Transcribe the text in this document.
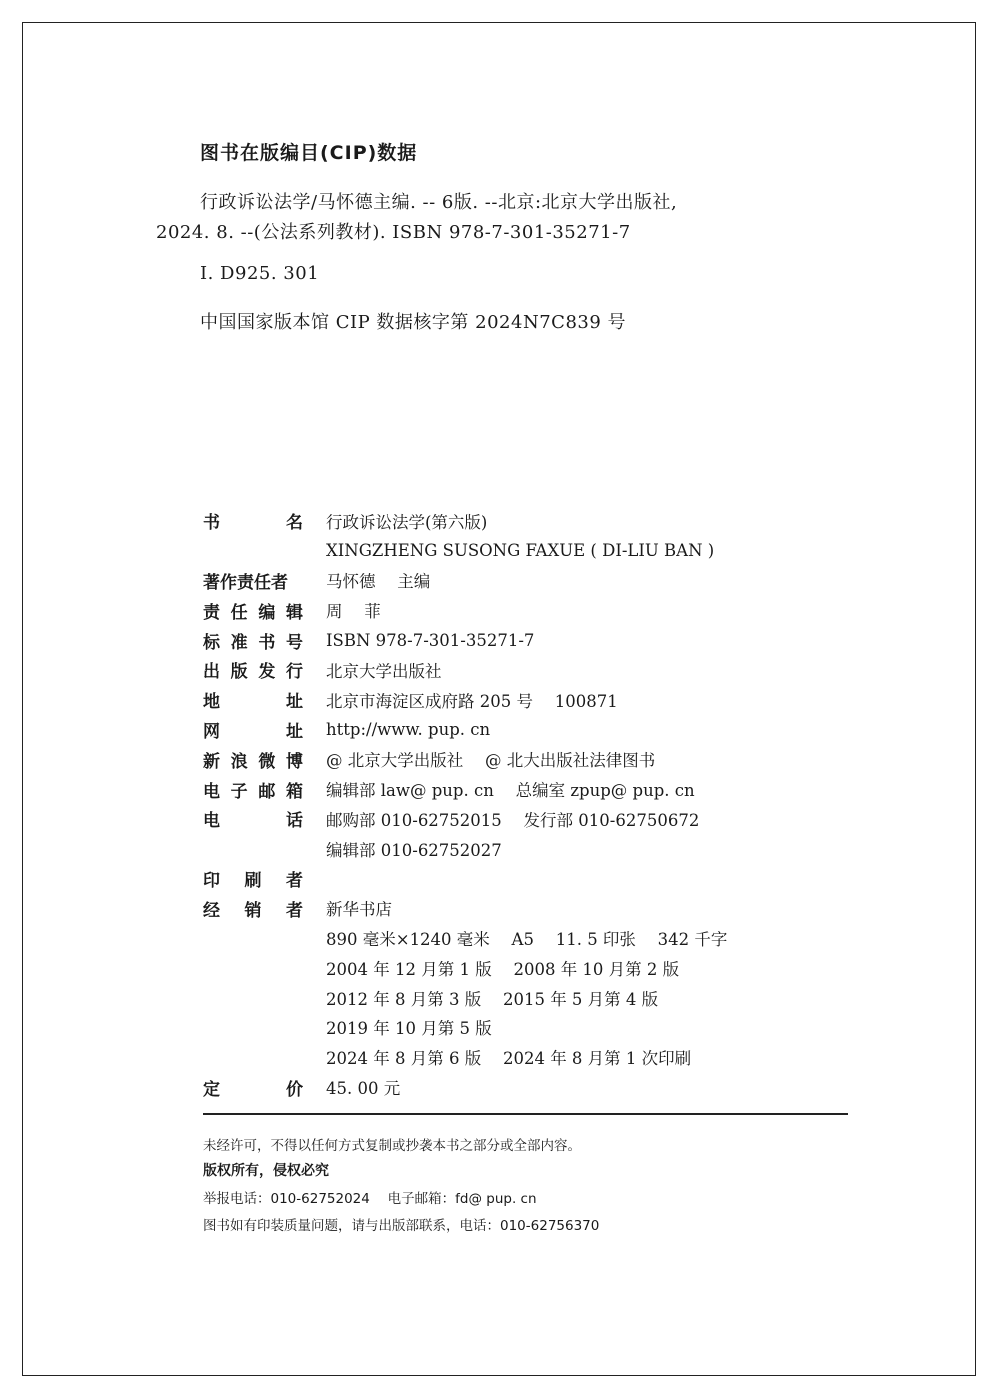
图书在版编目(CIP)数据
行政诉讼法学/马怀德主编. -- 6版. --北京:北京大学出版社,
2024. 8. --(公法系列教材). ISBN 978-7-301-35271-7
I. D925. 301
中国国家版本馆 CIP 数据核字第 2024N7C839 号
书	名 行政诉讼法学(第六版)
XINGZHENG SUSONG FAXUE ( DI-LIU BAN )
著作责任者 马怀德　 主编
责 任 编 辑 周　 菲
标 准 书 号 ISBN 978-7-301-35271-7
出 版 发 行 北京大学出版社
地	址 北京市海淀区成府路 205 号　 100871
网	址 http://www. pup. cn
新 浪 微 博 @ 北京大学出版社　 @ 北大出版社法律图书
电 子 邮 箱 编辑部 law@ pup. cn　 总编室 zpup@ pup. cn
电	话 邮购部 010-62752015　 发行部 010-62750672
编辑部 010-62752027
印 刷 者
经 销 者 新华书店
890 毫米×1240 毫米　 A5　 11. 5 印张　 342 千字
2004 年 12 月第 1 版　 2008 年 10 月第 2 版
2012 年 8 月第 3 版　 2015 年 5 月第 4 版
2019 年 10 月第 5 版
2024 年 8 月第 6 版　 2024 年 8 月第 1 次印刷
定	价 45. 00 元
未经许可，不得以任何方式复制或抄袭本书之部分或全部内容。
版权所有，侵权必究
举报电话：010-62752024　 电子邮箱：fd@ pup. cn
图书如有印装质量问题，请与出版部联系，电话：010-62756370
